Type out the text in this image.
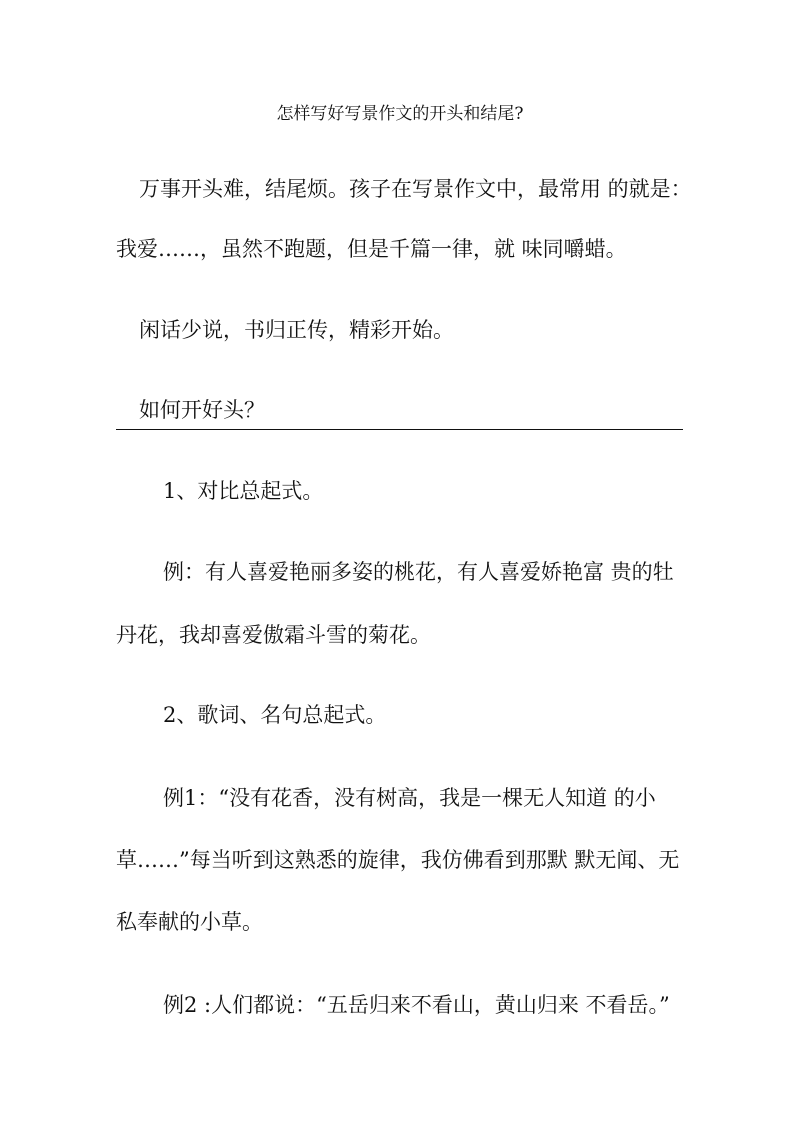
怎样写好写景作文的开头和结尾?
万事开头难，结尾烦。孩子在写景作文中，最常用 的就是：
我爱……，虽然不跑题，但是千篇一律，就 味同嚼蜡。
闲话少说，书归正传，精彩开始。
如何开好头？
1、对比总起式。
例：有人喜爱艳丽多姿的桃花，有人喜爱娇艳富 贵的牡
丹花，我却喜爱傲霜斗雪的菊花。
2、歌词、名句总起式。
例1：“没有花香，没有树高，我是一棵无人知道 的小
草……”每当听到这熟悉的旋律，我仿佛看到那默 默无闻、无
私奉献的小草。
例2 :人们都说：“五岳归来不看山，黄山归来 不看岳。”
